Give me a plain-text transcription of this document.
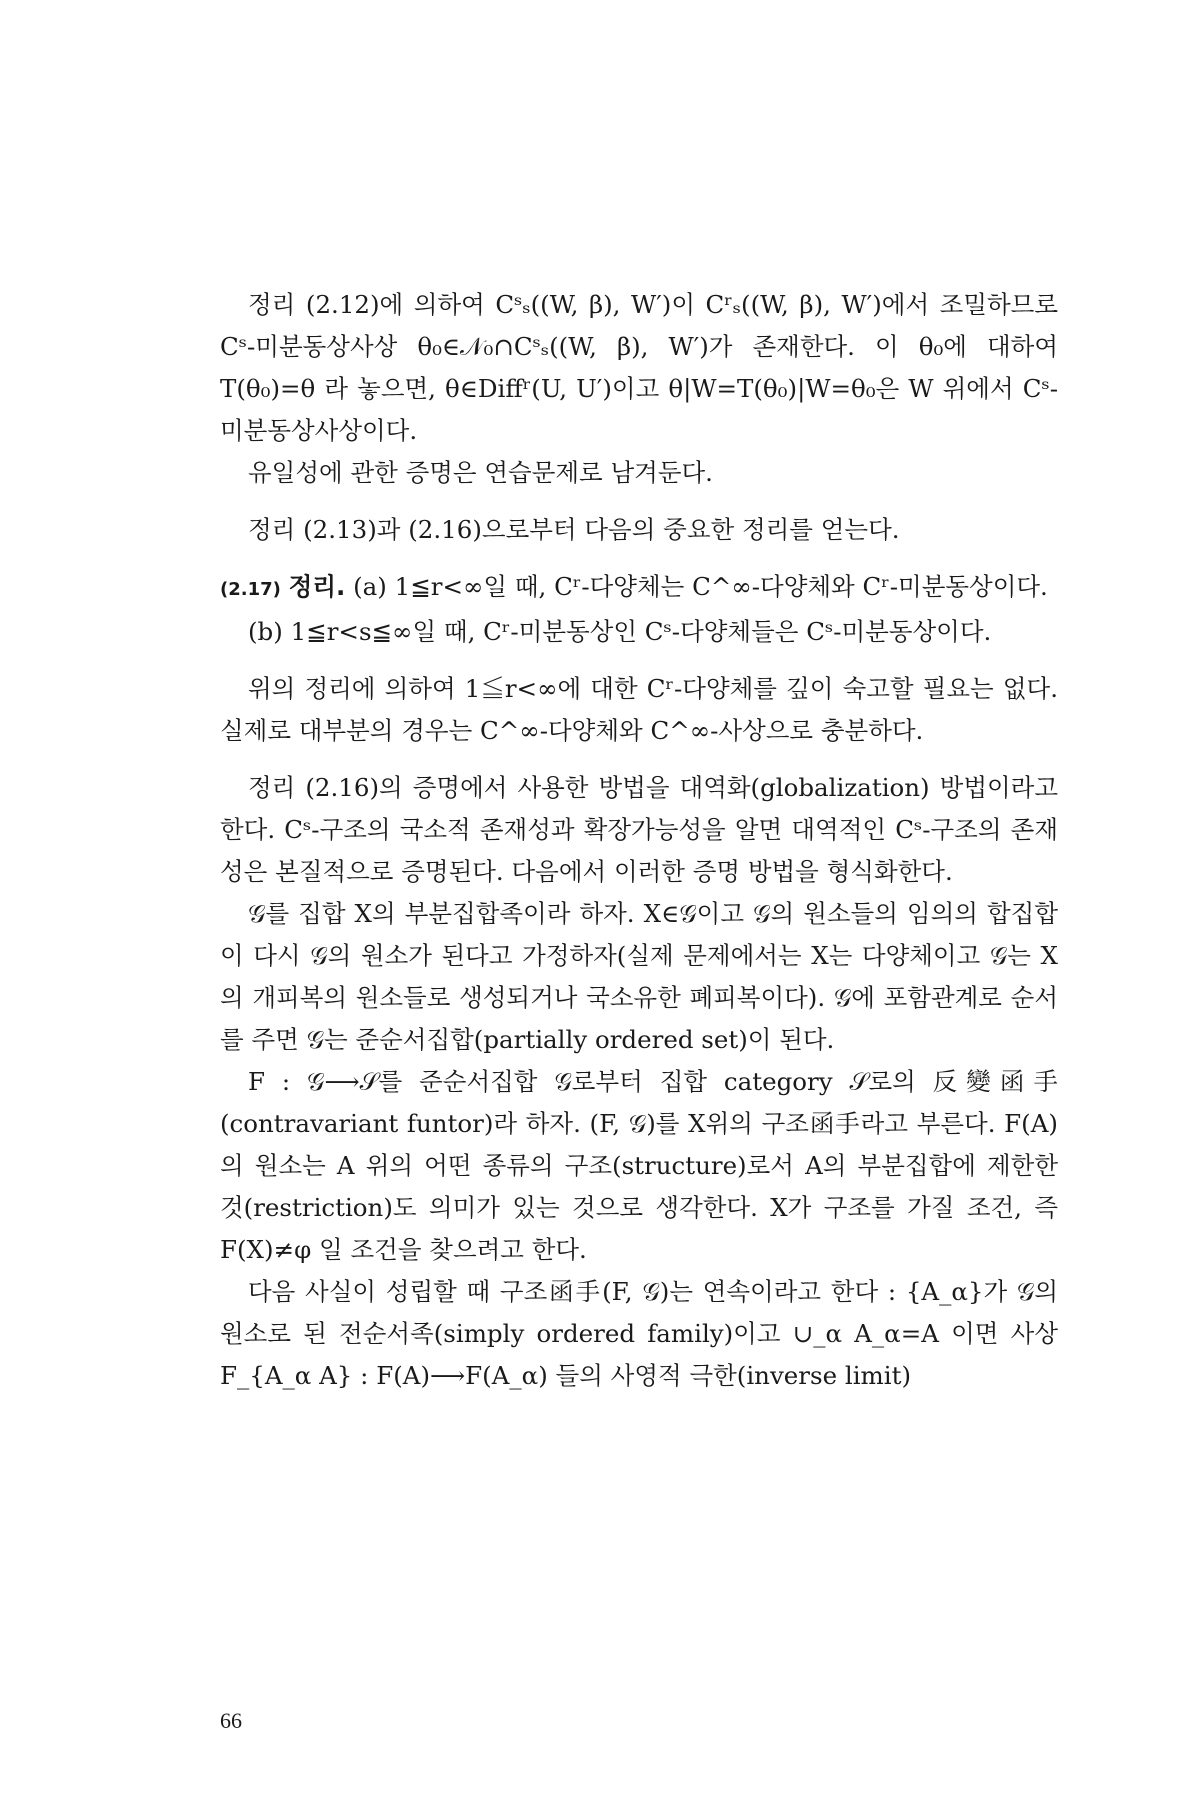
정리 (2.12)에 의하여 Cˢₛ((W, β), W′)이 Cʳₛ((W, β), W′)에서 조밀하므로 Cˢ-미분동상사상 θ₀∈𝒩₀∩Cˢₛ((W, β), W′)가 존재한다. 이 θ₀에 대하여 T(θ₀)=θ 라 놓으면, θ∈Diffʳ(U, U′)이고 θ|W=T(θ₀)|W=θ₀은 W 위에서 Cˢ-미분동상사상이다.

유일성에 관한 증명은 연습문제로 남겨둔다.

정리 (2.13)과 (2.16)으로부터 다음의 중요한 정리를 얻는다.

(2.17) 정리. (a) 1≦r<∞일 때, Cʳ-다양체는 C^∞-다양체와 Cʳ-미분동상이다.

(b) 1≦r<s≦∞일 때, Cʳ-미분동상인 Cˢ-다양체들은 Cˢ-미분동상이다.

위의 정리에 의하여 1≦r<∞에 대한 Cʳ-다양체를 깊이 숙고할 필요는 없다. 실제로 대부분의 경우는 C^∞-다양체와 C^∞-사상으로 충분하다.

정리 (2.16)의 증명에서 사용한 방법을 대역화(globalization) 방법이라고 한다. Cˢ-구조의 국소적 존재성과 확장가능성을 알면 대역적인 Cˢ-구조의 존재성은 본질적으로 증명된다. 다음에서 이러한 증명 방법을 형식화한다.

𝒢를 집합 X의 부분집합족이라 하자. X∈𝒢이고 𝒢의 원소들의 임의의 합집합이 다시 𝒢의 원소가 된다고 가정하자(실제 문제에서는 X는 다양체이고 𝒢는 X의 개피복의 원소들로 생성되거나 국소유한 폐피복이다). 𝒢에 포함관계로 순서를 주면 𝒢는 준순서집합(partially ordered set)이 된다.

F : 𝒢⟶𝒮를 준순서집합 𝒢로부터 집합 category 𝒮로의 反變函手(contravariant funtor)라 하자. (F, 𝒢)를 X위의 구조函手라고 부른다. F(A)의 원소는 A 위의 어떤 종류의 구조(structure)로서 A의 부분집합에 제한한 것(restriction)도 의미가 있는 것으로 생각한다. X가 구조를 가질 조건, 즉 F(X)≠φ 일 조건을 찾으려고 한다.

다음 사실이 성립할 때 구조函手(F, 𝒢)는 연속이라고 한다 : {A_α}가 𝒢의 원소로 된 전순서족(simply ordered family)이고 ∪_α A_α=A 이면 사상 F_{A_α A} : F(A)⟶F(A_α) 들의 사영적 극한(inverse limit)

66
